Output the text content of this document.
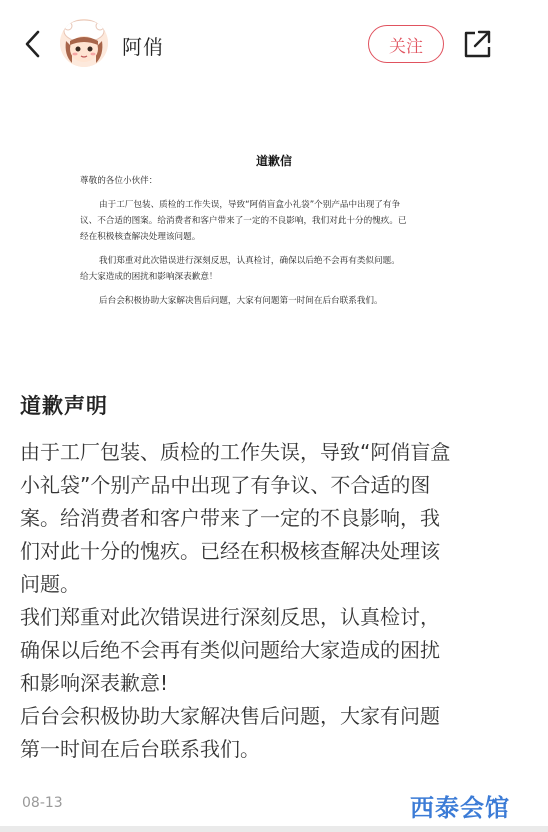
阿俏	关注
道歉信
尊敬的各位小伙伴：
由于工厂包装、质检的工作失误，导致“阿俏盲盒小礼袋”个别产品中出现了有争
议、不合适的图案。给消费者和客户带来了一定的不良影响，我们对此十分的愧疚。已
经在积极核查解决处理该问题。
我们郑重对此次错误进行深刻反思，认真检讨，确保以后绝不会再有类似问题。
给大家造成的困扰和影响深表歉意！
后台会积极协助大家解决售后问题，大家有问题第一时间在后台联系我们。
道歉声明

由于工厂包装、质检的工作失误，导致“阿俏盲盒

小礼袋”个别产品中出现了有争议、不合适的图

案。给消费者和客户带来了一定的不良影响，我

们对此十分的愧疚。已经在积极核查解决处理该

问题。

我们郑重对此次错误进行深刻反思，认真检讨，

确保以后绝不会再有类似问题给大家造成的困扰

和影响深表歉意!

后台会积极协助大家解决售后问题，大家有问题

第一时间在后台联系我们。

08-13	西泰会馆
